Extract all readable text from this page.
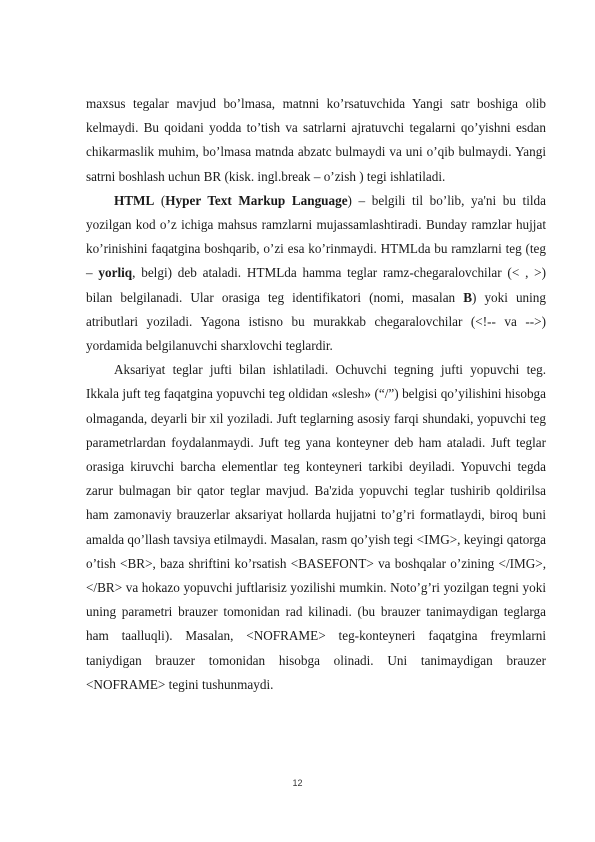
maxsus tegalar mavjud bo’lmasa, matnni ko’rsatuvchida Yangi satr boshiga olib kelmaydi. Bu qoidani yodda to’tish va satrlarni ajratuvchi tegalarni qo’yishni esdan chikarmaslik muhim, bo’lmasa matnda abzatc bulmaydi va uni o’qib bulmaydi. Yangi satrni boshlash uchun BR (kisk. ingl.break – o’zish ) tegi ishlatiladi.

HTML (Hyper Text Markup Language) – belgili til bo’lib, ya'ni bu tilda yozilgan kod o’z ichiga mahsus ramzlarni mujassamlashtiradi. Bunday ramzlar hujjat ko’rinishini faqatgina boshqarib, o’zi esa ko’rinmaydi. HTMLda bu ramzlarni teg (teg – yorliq, belgi) deb ataladi. HTMLda hamma teglar ramz-chegaralovchilar (< , >) bilan belgilanadi. Ular orasiga teg identifikatori (nomi, masalan B) yoki uning atributlari yoziladi. Yagona istisno bu murakkab chegaralovchilar (<!-- va -->) yordamida belgilanuvchi sharxlovchi teglardir.

Aksariyat teglar jufti bilan ishlatiladi. Ochuvchi tegning jufti yopuvchi teg. Ikkala juft teg faqatgina yopuvchi teg oldidan «slesh» (“/”) belgisi qo’yilishini hisobga olmaganda, deyarli bir xil yoziladi. Juft teglarning asosiy farqi shundaki, yopuvchi teg parametrlardan foydalanmaydi. Juft teg yana konteyner deb ham ataladi. Juft teglar orasiga kiruvchi barcha elementlar teg konteyneri tarkibi deyiladi. Yopuvchi tegda zarur bulmagan bir qator teglar mavjud. Ba'zida yopuvchi teglar tushirib qoldirilsa ham zamonaviy brauzerlar aksariyat hollarda hujjatni to’g’ri formatlaydi, biroq buni amalda qo’llash tavsiya etilmaydi. Masalan, rasm qo’yish tegi <IMG>, keyingi qatorga o’tish <BR>, baza shriftini ko’rsatish <BASEFONT> va boshqalar o’zining </IMG>, </BR> va hokazo yopuvchi juftlarisiz yozilishi mumkin. Noto’g’ri yozilgan tegni yoki uning parametri brauzer tomonidan rad kilinadi. (bu brauzer tanimaydigan teglarga ham taalluqli). Masalan, <NOFRAME> teg-konteyneri faqatgina freymlarni taniydigan brauzer tomonidan hisobga olinadi. Uni tanimaydigan brauzer <NOFRAME> tegini tushunmaydi.

12
